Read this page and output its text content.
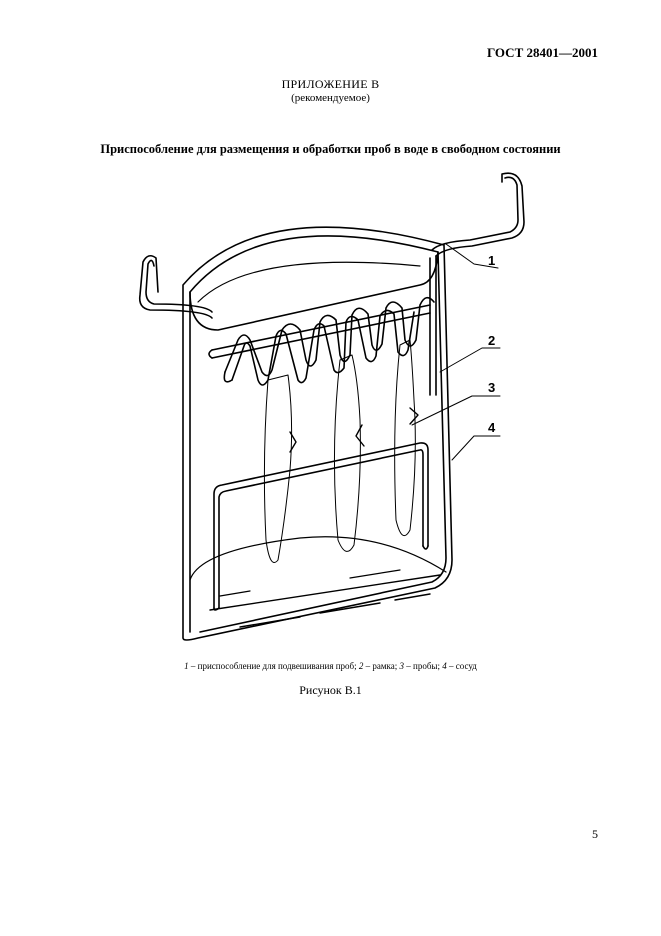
ГОСТ 28401—2001
ПРИЛОЖЕНИЕ В
(рекомендуемое)
Приспособление для размещения и обработки проб в воде в свободном состоянии
1
2
3
4
1 – приспособление для подвешивания проб; 2 – рамка; 3 – пробы; 4 – сосуд
Рисунок В.1
5
